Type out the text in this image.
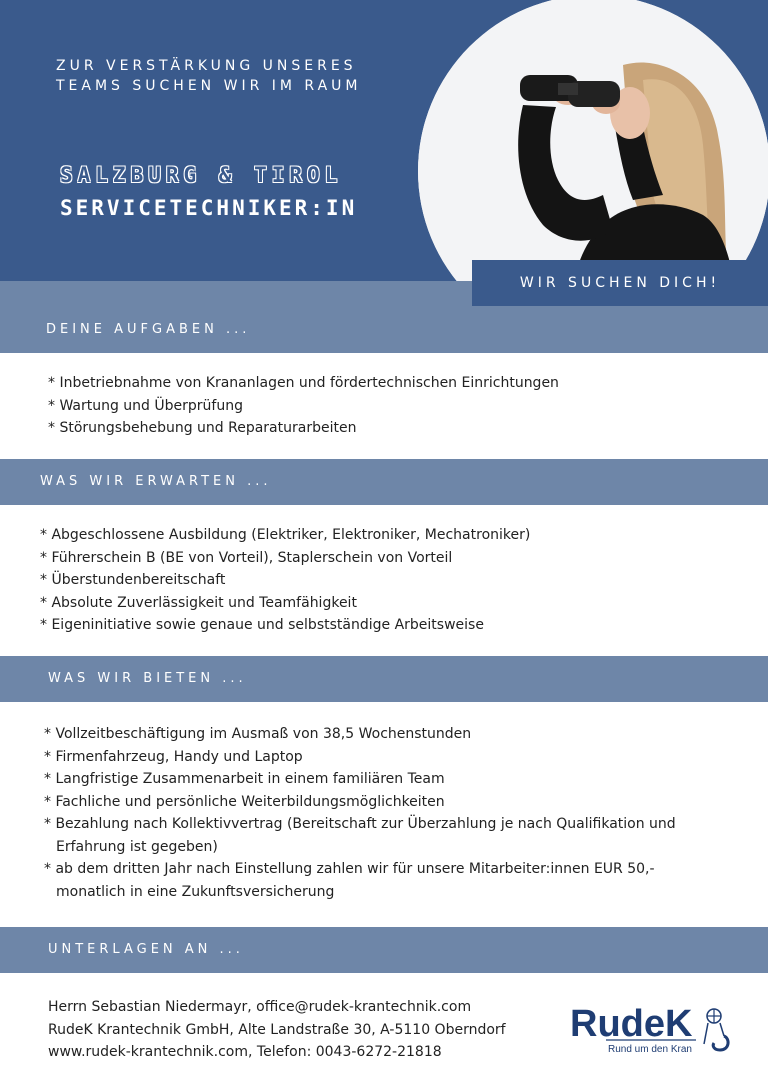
ZUR VERSTÄRKUNG UNSERES
TEAMS SUCHEN WIR IM RAUM
SALZBURG & TIROL
SERVICETECHNIKER:IN
WIR SUCHEN DICH!
DEINE AUFGABEN ...
* Inbetriebnahme von Krananlagen und fördertechnischen Einrichtungen
* Wartung und Überprüfung
* Störungsbehebung und Reparaturarbeiten
WAS WIR ERWARTEN ...
* Abgeschlossene Ausbildung (Elektriker, Elektroniker, Mechatroniker)
* Führerschein B (BE von Vorteil), Staplerschein von Vorteil
* Überstundenbereitschaft
* Absolute Zuverlässigkeit und Teamfähigkeit
* Eigeninitiative sowie genaue und selbstständige Arbeitsweise
WAS WIR BIETEN ...
* Vollzeitbeschäftigung im Ausmaß von 38,5 Wochenstunden
* Firmenfahrzeug, Handy und Laptop
* Langfristige Zusammenarbeit in einem familiären Team
* Fachliche und persönliche Weiterbildungsmöglichkeiten
* Bezahlung nach Kollektivvertrag (Bereitschaft zur Überzahlung je nach Qualifikation und Erfahrung ist gegeben)
* ab dem dritten Jahr nach Einstellung zahlen wir für unsere Mitarbeiter:innen EUR 50,- monatlich in eine Zukunftsversicherung
UNTERLAGEN AN ...
Herrn Sebastian Niedermayr, office@rudek-krantechnik.com
RudeK Krantechnik GmbH, Alte Landstraße 30, A-5110 Oberndorf
www.rudek-krantechnik.com, Telefon: 0043-6272-21818
RudeK
Rund um den Kran
